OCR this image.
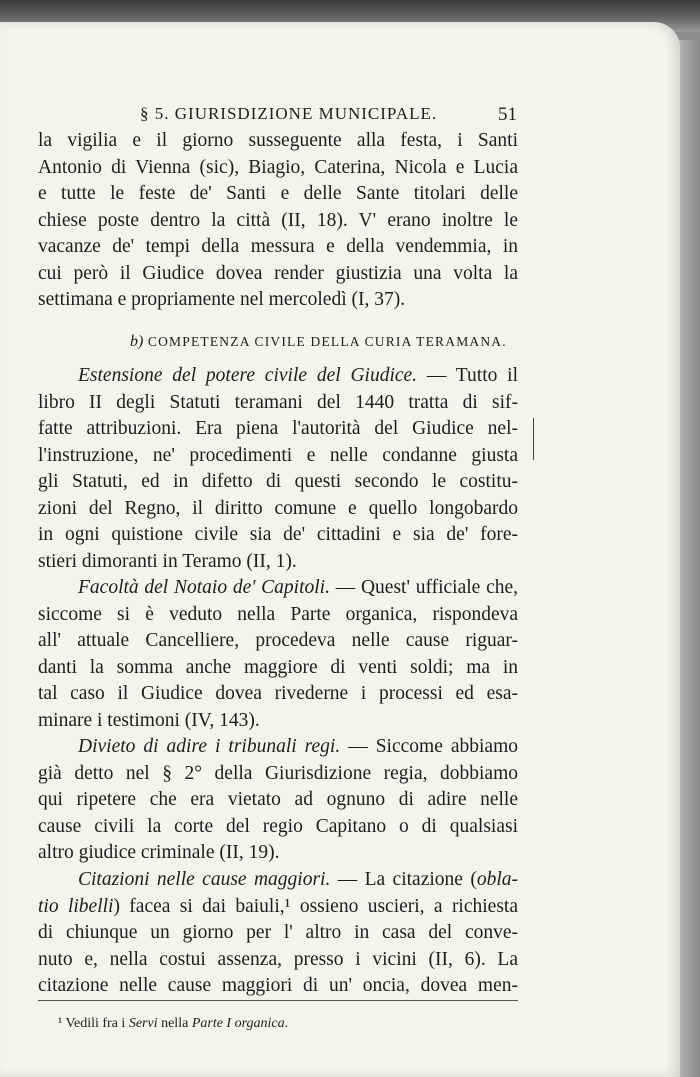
§ 5. GIURISDIZIONE MUNICIPALE.	51
la vigilia e il giorno susseguente alla festa, i Santi
Antonio di Vienna (sic), Biagio, Caterina, Nicola e Lucia
e tutte le feste de' Santi e delle Sante titolari delle
chiese poste dentro la città (II, 18). V' erano inoltre le
vacanze de' tempi della messura e della vendemmia, in
cui però il Giudice dovea render giustizia una volta la
settimana e propriamente nel mercoledì (I, 37).
b) COMPETENZA CIVILE DELLA CURIA TERAMANA.
Estensione del potere civile del Giudice. — Tutto il
libro II degli Statuti teramani del 1440 tratta di sif-
fatte attribuzioni. Era piena l'autorità del Giudice nel-
l'instruzione, ne' procedimenti e nelle condanne giusta
gli Statuti, ed in difetto di questi secondo le costitu-
zioni del Regno, il diritto comune e quello longobardo
in ogni quistione civile sia de' cittadini e sia de' fore-
stieri dimoranti in Teramo (II, 1).
Facoltà del Notaio de' Capitoli. — Quest' ufficiale che,
siccome si è veduto nella Parte organica, rispondeva
all' attuale Cancelliere, procedeva nelle cause riguar-
danti la somma anche maggiore di venti soldi; ma in
tal caso il Giudice dovea rivederne i processi ed esa-
minare i testimoni (IV, 143).
Divieto di adire i tribunali regi. — Siccome abbiamo
già detto nel § 2° della Giurisdizione regia, dobbiamo
qui ripetere che era vietato ad ognuno di adire nelle
cause civili la corte del regio Capitano o di qualsiasi
altro giudice criminale (II, 19).
Citazioni nelle cause maggiori. — La citazione (obla-
tio libelli) facea si dai baiuli,¹ ossieno uscieri, a richiesta
di chiunque un giorno per l' altro in casa del conve-
nuto e, nella costui assenza, presso i vicini (II, 6). La
citazione nelle cause maggiori di un' oncia, dovea men-
¹ Vedili fra i Servi nella Parte I organica.
